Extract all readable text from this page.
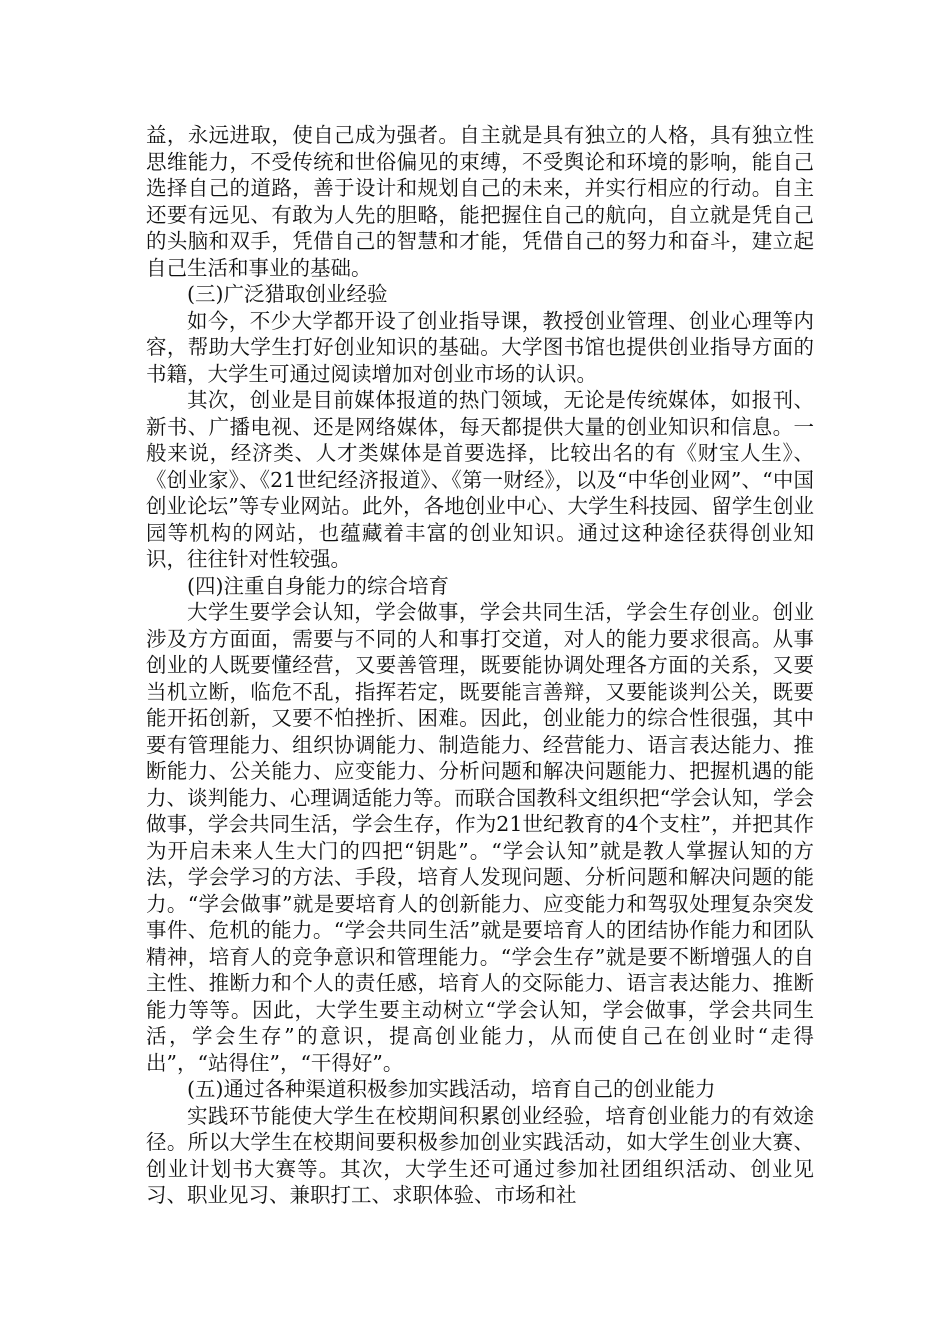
益，永远进取，使自己成为强者。自主就是具有独立的人格，具有独立性思维能力，不受传统和世俗偏见的束缚，不受舆论和环境的影响，能自己选择自己的道路，善于设计和规划自己的未来，并实行相应的行动。自主还要有远见、有敢为人先的胆略，能把握住自己的航向，自立就是凭自己的头脑和双手，凭借自己的智慧和才能，凭借自己的努力和奋斗，建立起自己生活和事业的基础。

(三)广泛猎取创业经验

如今，不少大学都开设了创业指导课，教授创业管理、创业心理等内容，帮助大学生打好创业知识的基础。大学图书馆也提供创业指导方面的书籍，大学生可通过阅读增加对创业市场的认识。

其次，创业是目前媒体报道的热门领域，无论是传统媒体，如报刊、新书、广播电视、还是网络媒体，每天都提供大量的创业知识和信息。一般来说，经济类、人才类媒体是首要选择，比较出名的有《财宝人生》、《创业家》、《21世纪经济报道》、《第一财经》，以及“中华创业网”、“中国创业论坛”等专业网站。此外，各地创业中心、大学生科技园、留学生创业园等机构的网站，也蕴藏着丰富的创业知识。通过这种途径获得创业知识，往往针对性较强。

(四)注重自身能力的综合培育

大学生要学会认知，学会做事，学会共同生活，学会生存创业。创业涉及方方面面，需要与不同的人和事打交道，对人的能力要求很高。从事创业的人既要懂经营，又要善管理，既要能协调处理各方面的关系，又要当机立断，临危不乱，指挥若定，既要能言善辩，又要能谈判公关，既要能开拓创新，又要不怕挫折、困难。因此，创业能力的综合性很强，其中要有管理能力、组织协调能力、制造能力、经营能力、语言表达能力、推断能力、公关能力、应变能力、分析问题和解决问题能力、把握机遇的能力、谈判能力、心理调适能力等。而联合国教科文组织把“学会认知，学会做事，学会共同生活，学会生存，作为21世纪教育的4个支柱”，并把其作为开启未来人生大门的四把“钥匙”。“学会认知”就是教人掌握认知的方法，学会学习的方法、手段，培育人发现问题、分析问题和解决问题的能力。“学会做事”就是要培育人的创新能力、应变能力和驾驭处理复杂突发事件、危机的能力。“学会共同生活”就是要培育人的团结协作能力和团队精神，培育人的竞争意识和管理能力。“学会生存”就是要不断增强人的自主性、推断力和个人的责任感，培育人的交际能力、语言表达能力、推断能力等等。因此，大学生要主动树立“学会认知，学会做事，学会共同生活，学会生存”的意识，提高创业能力，从而使自己在创业时“走得出”，“站得住”，“干得好”。

(五)通过各种渠道积极参加实践活动，培育自己的创业能力

实践环节能使大学生在校期间积累创业经验，培育创业能力的有效途径。所以大学生在校期间要积极参加创业实践活动，如大学生创业大赛、创业计划书大赛等。其次，大学生还可通过参加社团组织活动、创业见习、职业见习、兼职打工、求职体验、市场和社
